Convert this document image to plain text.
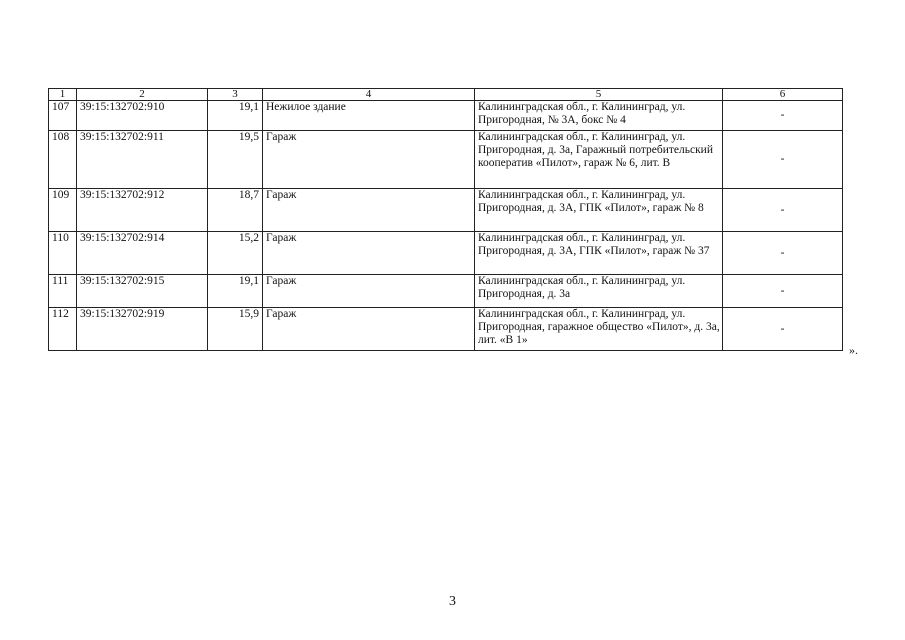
1	2	3	4	5	6
107	39:15:132702:910	19,1	Нежилое здание	Калининградская обл., г. Калининград, ул. Пригородная, № 3А, бокс № 4	-
108	39:15:132702:911	19,5	Гараж	Калининградская обл., г. Калининград, ул. Пригородная, д. 3а, Гаражный потребительский кооператив «Пилот», гараж № 6, лит. В	-
109	39:15:132702:912	18,7	Гараж	Калининградская обл., г. Калининград, ул. Пригородная, д. 3А, ГПК «Пилот», гараж № 8	-
110	39:15:132702:914	15,2	Гараж	Калининградская обл., г. Калининград, ул. Пригородная, д. 3А, ГПК «Пилот», гараж № 37	-
111	39:15:132702:915	19,1	Гараж	Калининградская обл., г. Калининград, ул. Пригородная, д. 3а	-
112	39:15:132702:919	15,9	Гараж	Калининградская обл., г. Калининград, ул. Пригородная, гаражное общество «Пилот», д. 3а, лит. «В 1»	-
».
3
